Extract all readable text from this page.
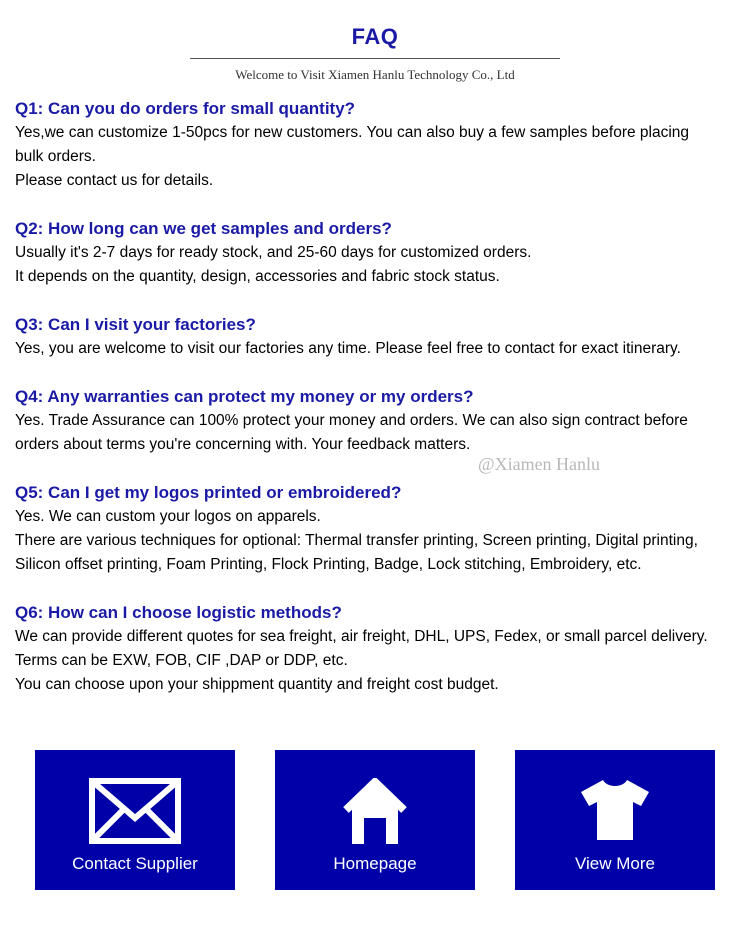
FAQ
Welcome to Visit Xiamen Hanlu Technology Co., Ltd
Q1: Can you do orders for small quantity?
Yes,we can customize 1-50pcs for new customers. You can also buy a few samples before placing
bulk orders.
Please contact us for details.
Q2: How long can we get samples and orders?
Usually it's 2-7 days for ready stock, and 25-60 days for customized orders.
It depends on the quantity, design, accessories and fabric stock status.
Q3: Can I visit your factories?
Yes, you are welcome to visit our factories any time. Please feel free to contact for exact itinerary.
Q4: Any warranties can protect my money or my orders?
Yes. Trade Assurance can 100% protect your money and orders. We can also sign contract before
orders about terms you're concerning with. Your feedback matters.
@Xiamen Hanlu
Q5: Can I get my logos printed or embroidered?
Yes. We can custom your logos on apparels.
There are various techniques for optional: Thermal transfer printing, Screen printing, Digital printing,
Silicon offset printing, Foam Printing, Flock Printing, Badge, Lock stitching, Embroidery, etc.
Q6: How can I choose logistic methods?
We can provide different quotes for sea freight, air freight, DHL, UPS, Fedex, or small parcel delivery.
Terms can be EXW, FOB, CIF ,DAP or DDP, etc.
You can choose upon your shippment quantity and freight cost budget.
Contact Supplier	Homepage	View More
